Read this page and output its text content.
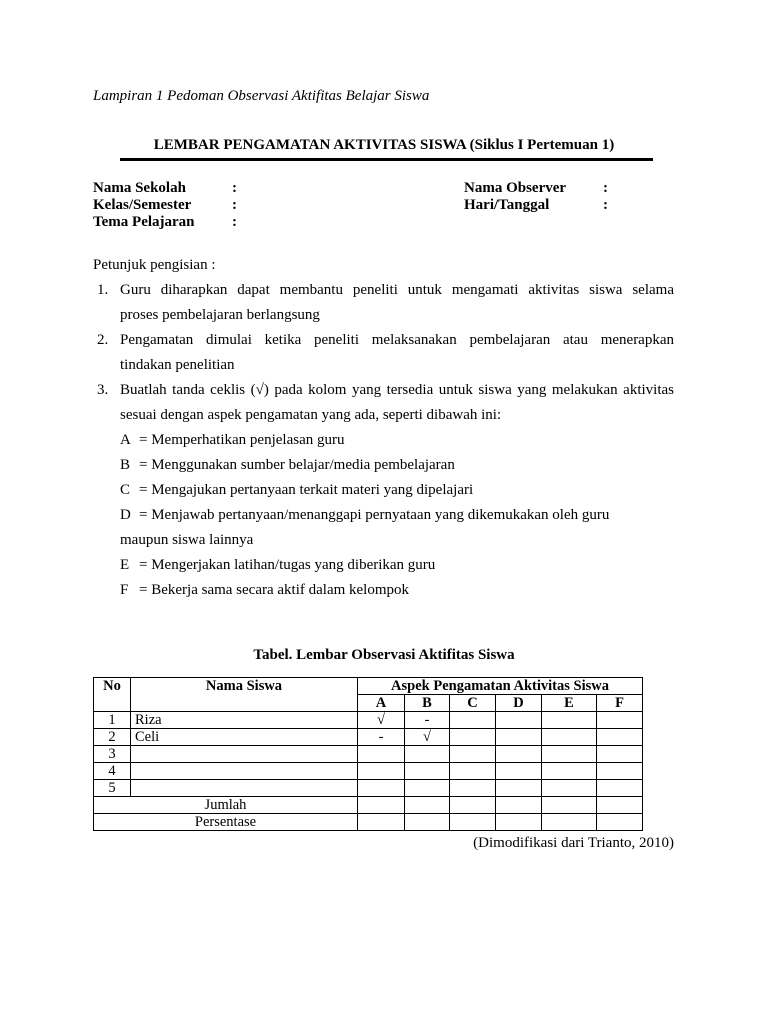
Lampiran 1 Pedoman Observasi Aktifitas Belajar Siswa
LEMBAR PENGAMATAN AKTIVITAS SISWA (Siklus I Pertemuan 1)
Nama Sekolah	:
Kelas/Semester	:
Tema Pelajaran :
Nama Observer :
Hari/Tanggal	:
Petunjuk pengisian :
1. Guru diharapkan dapat membantu peneliti untuk mengamati aktivitas siswa selama
proses pembelajaran berlangsung
2. Pengamatan dimulai ketika peneliti melaksanakan pembelajaran atau menerapkan
tindakan penelitian
3. Buatlah tanda ceklis (√) pada kolom yang tersedia untuk siswa yang melakukan aktivitas
sesuai dengan aspek pengamatan yang ada, seperti dibawah ini:
A = Memperhatikan penjelasan guru
B = Menggunakan sumber belajar/media pembelajaran
C = Mengajukan pertanyaan terkait materi yang dipelajari
D = Menjawab pertanyaan/menanggapi pernyataan yang dikemukakan oleh guru
maupun siswa lainnya
E = Mengerjakan latihan/tugas yang diberikan guru
F = Bekerja sama secara aktif dalam kelompok
Tabel. Lembar Observasi Aktifitas Siswa
No	Nama Siswa	Aspek Pengamatan Aktivitas Siswa					
		A	B	C	D	E	F
1	Riza	√	-				
2	Celi	-	√				
3							
4							
5							
Jumlah							
Persentase							
(Dimodifikasi dari Trianto, 2010)
